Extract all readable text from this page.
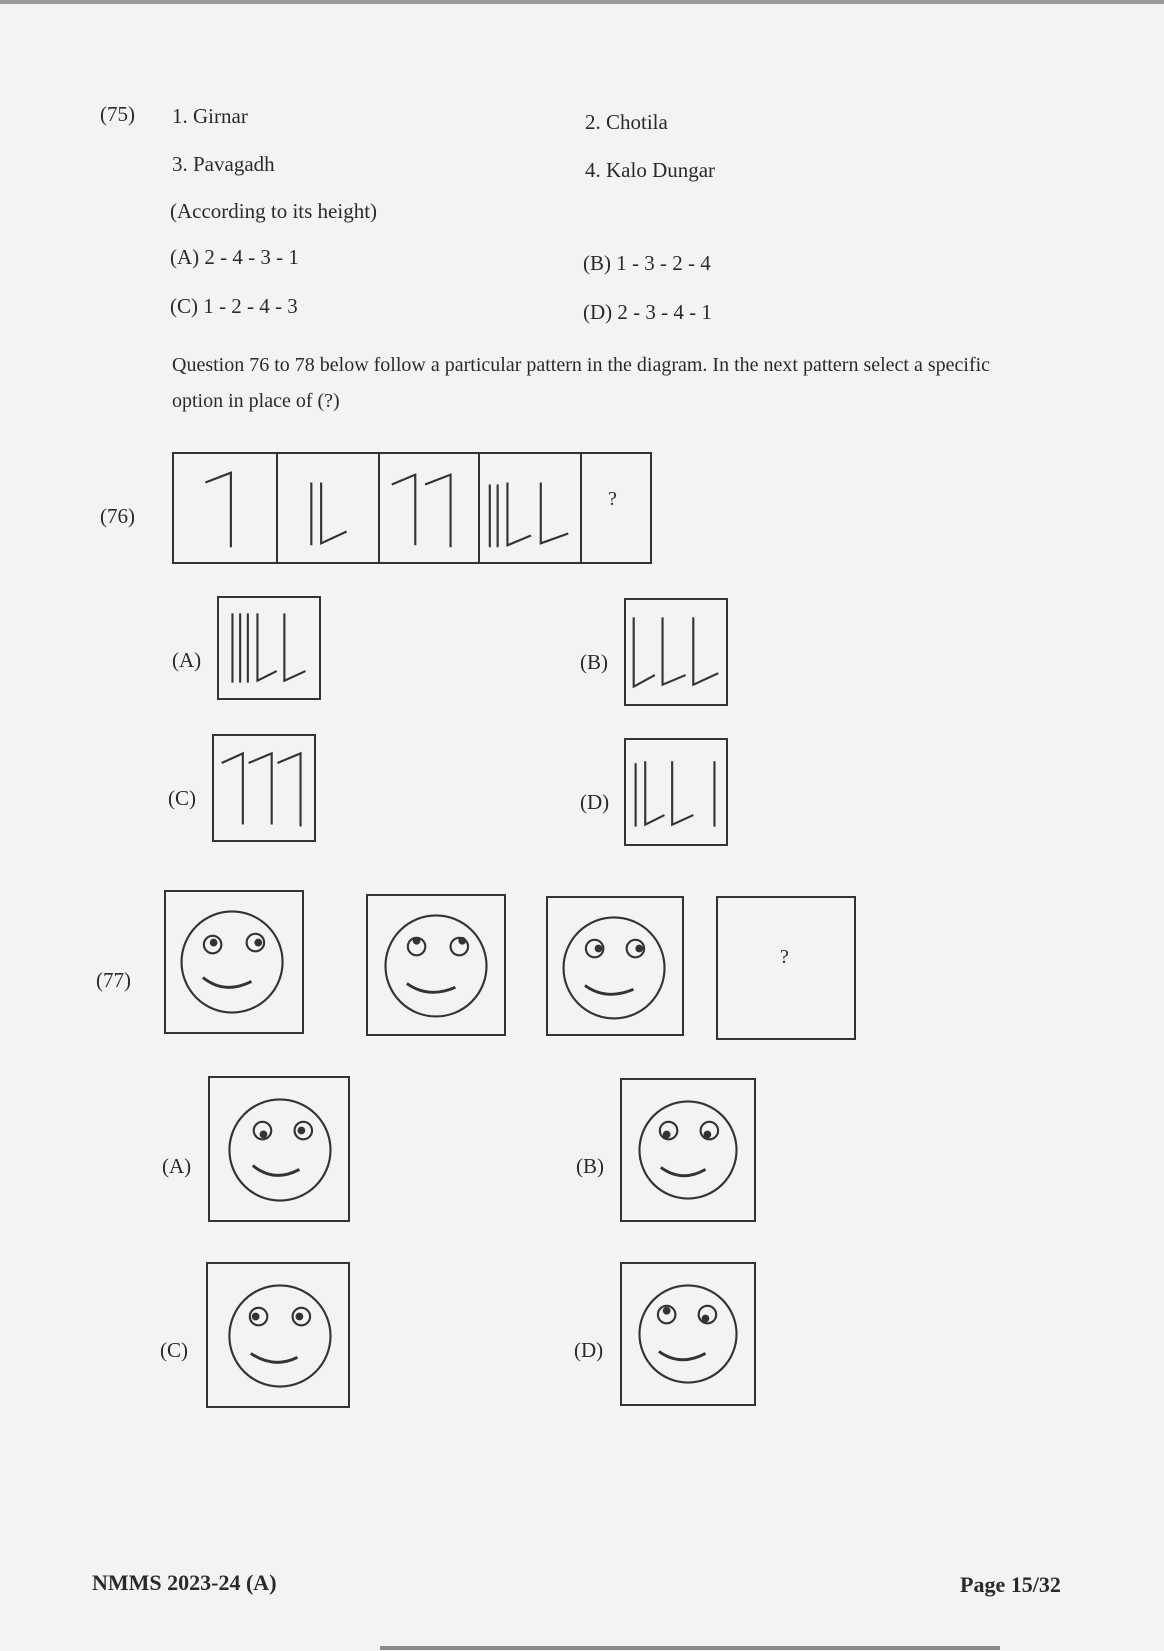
(75) 1. Girnar	2. Chotila
3. Pavagadh	4. Kalo Dungar
(According to its height)
(A) 2 - 4 - 3 - 1	(B) 1 - 3 - 2 - 4
(C) 1 - 2 - 4 - 3	(D) 2 - 3 - 4 - 1
Question 76 to 78 below follow a particular pattern in the diagram. In the next pattern select a specific
option in place of (?)
(76)
?
(A)	(B)
(C)	(D)
(77)
?
(A)	(B)
(C)	(D)
NMMS 2023-24 (A)	Page 15/32
